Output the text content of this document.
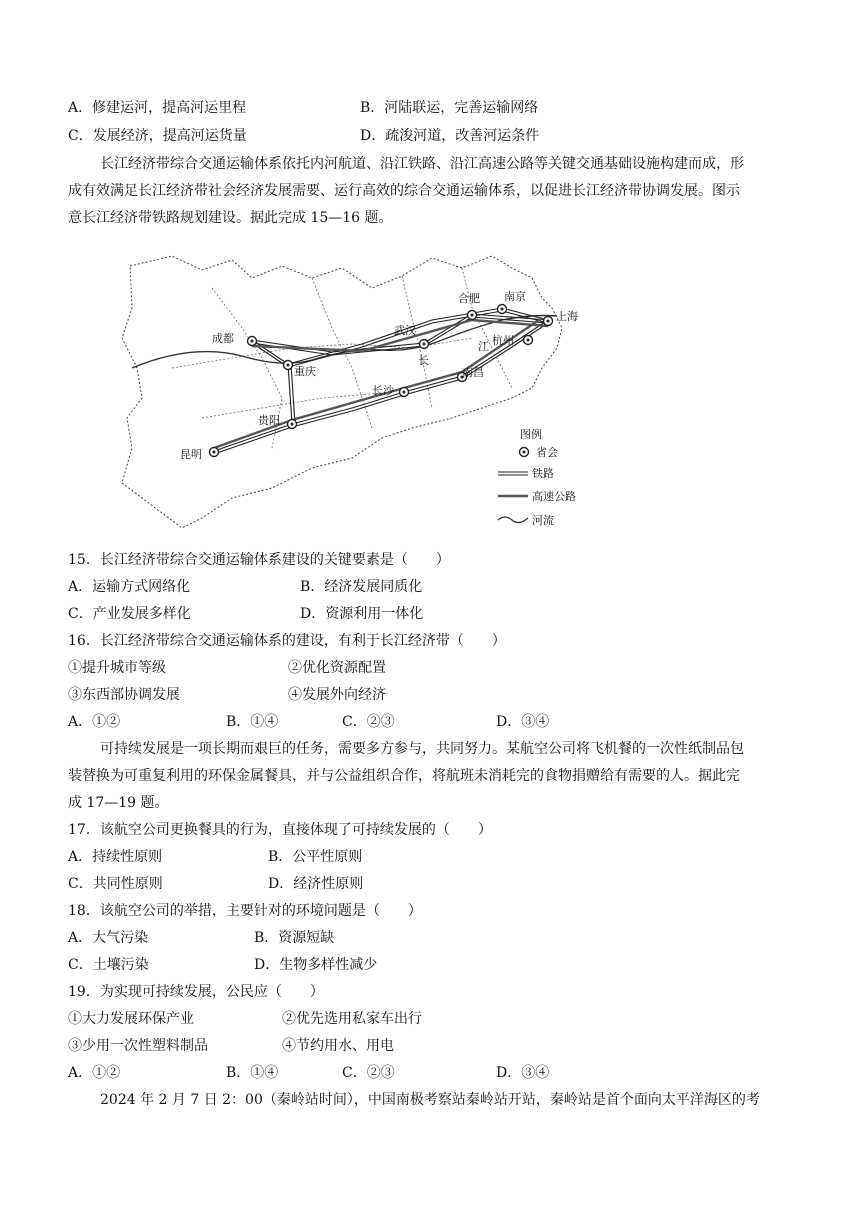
A．修建运河，提高河运里程	B．河陆联运，完善运输网络
C．发展经济，提高河运货量	D．疏浚河道，改善河运条件
长江经济带综合交通运输体系依托内河航道、沿江铁路、沿江高速公路等关键交通基础设施构建而成，形
成有效满足长江经济带社会经济发展需要、运行高效的综合交通运输体系，以促进长江经济带协调发展。图示
意长江经济带铁路规划建设。据此完成 15—16 题。
成都
重庆
贵阳
昆明
长沙
南昌
武汉
合肥 南京
上海
杭州
长
江
图例
省会
铁路
高速公路
河流
15．长江经济带综合交通运输体系建设的关键要素是（　　）
A．运输方式网络化	B．经济发展同质化
C．产业发展多样化	D．资源利用一体化
16．长江经济带综合交通运输体系的建设，有利于长江经济带（　　）
①提升城市等级	②优化资源配置
③东西部协调发展	④发展外向经济
A．①②	B．①④	C．②③	D．③④
可持续发展是一项长期而艰巨的任务，需要多方参与，共同努力。某航空公司将飞机餐的一次性纸制品包
装替换为可重复利用的环保金属餐具，并与公益组织合作，将航班未消耗完的食物捐赠给有需要的人。据此完
成 17—19 题。
17．该航空公司更换餐具的行为，直接体现了可持续发展的（　　）
A．持续性原则	B．公平性原则
C．共同性原则	D．经济性原则
18．该航空公司的举措，主要针对的环境问题是（　　）
A．大气污染	B．资源短缺
C．土壤污染	D．生物多样性减少
19．为实现可持续发展，公民应（　　）
①大力发展环保产业	②优先选用私家车出行
③少用一次性塑料制品	④节约用水、用电
A．①②	B．①④	C．②③	D．③④
2024 年 2 月 7 日 2：00（秦岭站时间），中国南极考察站秦岭站开站，秦岭站是首个面向太平洋海区的考
